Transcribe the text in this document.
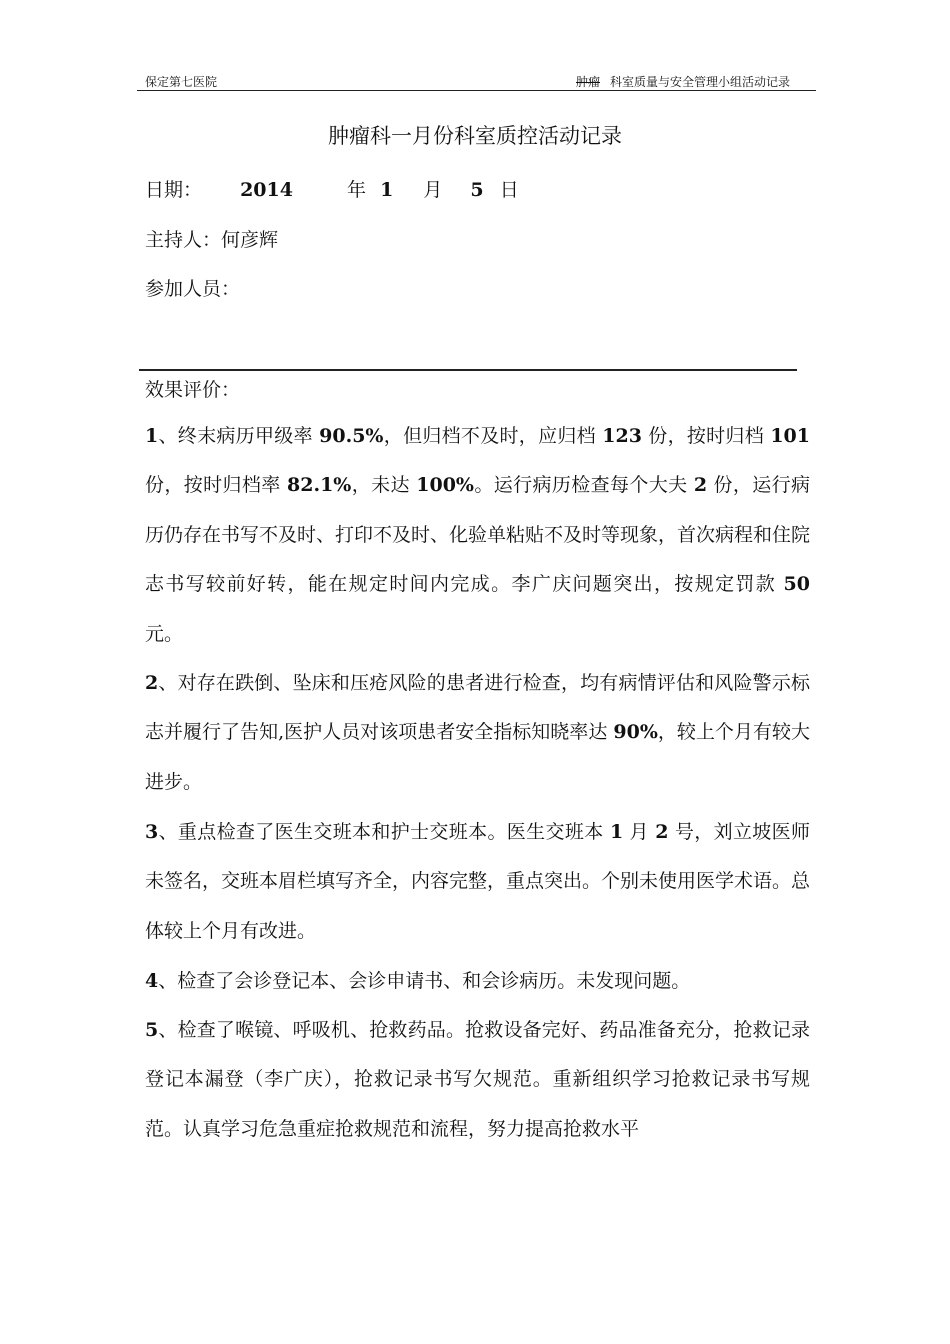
保定第七医院	肿瘤 科室质量与安全管理小组活动记录
肿瘤科一月份科室质控活动记录
日期： 2014	年 1 月 5 日
主持人：何彦辉
参加人员：
效果评价：
1、终末病历甲级率 90.5%，但归档不及时，应归档 123 份，按时归档 101 份，按时归档率 82.1%，未达 100%。运行病历检查每个大夫 2 份，运行病历仍存在书写不及时、打印不及时、化验单粘贴不及时等现象，首次病程和住院志书写较前好转，能在规定时间内完成。李广庆问题突出，按规定罚款 50 元。
2、对存在跌倒、坠床和压疮风险的患者进行检查，均有病情评估和风险警示标志并履行了告知,医护人员对该项患者安全指标知晓率达 90%，较上个月有较大进步。
3、重点检查了医生交班本和护士交班本。医生交班本 1 月 2 号，刘立坡医师未签名，交班本眉栏填写齐全，内容完整，重点突出。个别未使用医学术语。总体较上个月有改进。
4、检查了会诊登记本、会诊申请书、和会诊病历。未发现问题。
5、检查了喉镜、呼吸机、抢救药品。抢救设备完好、药品准备充分，抢救记录登记本漏登（李广庆），抢救记录书写欠规范。重新组织学习抢救记录书写规范。认真学习危急重症抢救规范和流程，努力提高抢救水平
